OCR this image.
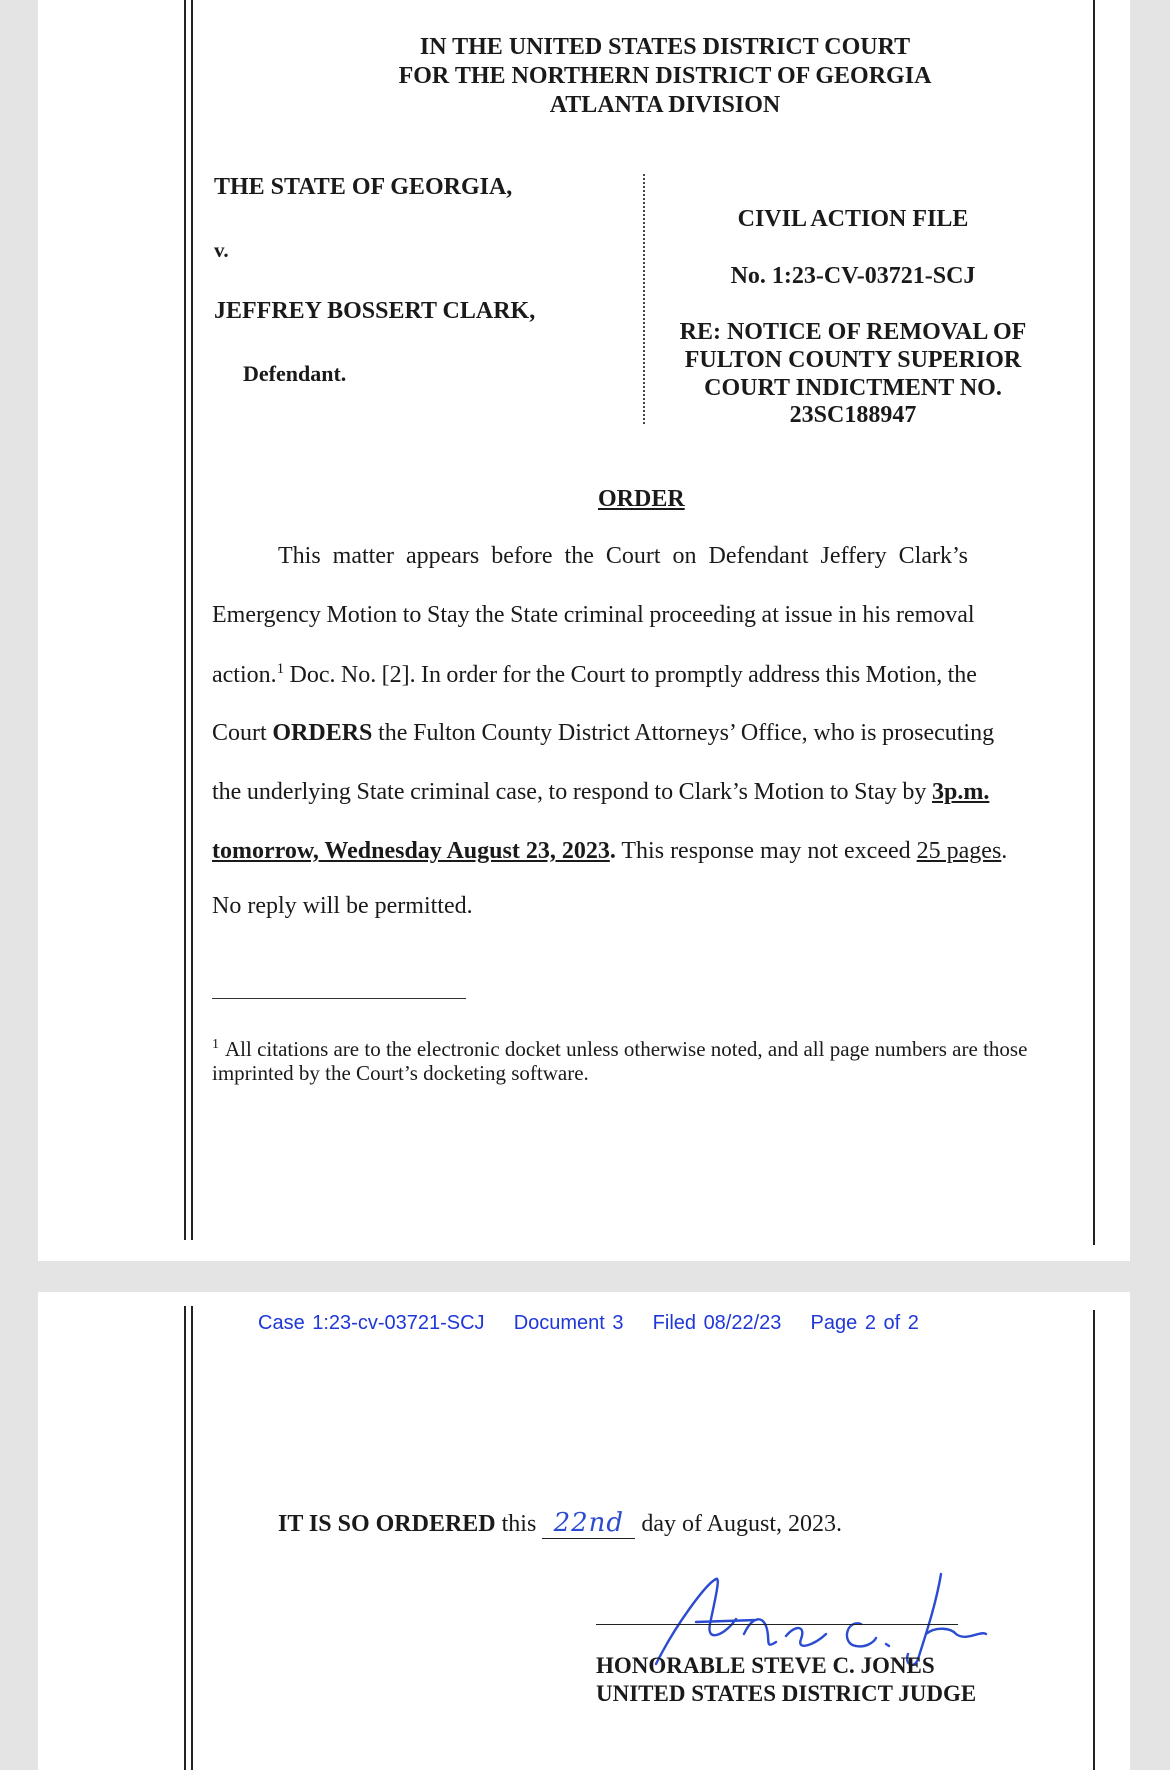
IN THE UNITED STATES DISTRICT COURT
FOR THE NORTHERN DISTRICT OF GEORGIA
ATLANTA DIVISION
THE STATE OF GEORGIA,
v.
JEFFREY BOSSERT CLARK,
Defendant.
CIVIL ACTION FILE
No. 1:23-CV-03721-SCJ
RE: NOTICE OF REMOVAL OF
FULTON COUNTY SUPERIOR
COURT INDICTMENT NO.
23SC188947
ORDER
This matter appears before the Court on Defendant Jeffery Clark’s
Emergency Motion to Stay the State criminal proceeding at issue in his removal
action.$^1$ Doc. No. [2]. In order for the Court to promptly address this Motion, the
Court ORDERS the Fulton County District Attorneys’ Office, who is prosecuting
the underlying State criminal case, to respond to Clark’s Motion to Stay by 3p.m.
tomorrow, Wednesday August 23, 2023. This response may not exceed 25 pages.
No reply will be permitted.
$^1$ All citations are to the electronic docket unless otherwise noted, and all page numbers are those imprinted by the Court’s docketing software.
Case 1:23-cv-03721-SCJ Document 3 Filed 08/22/23 Page 2 of 2
IT IS SO ORDERED this 22nd day of August, 2023.
HONORABLE STEVE C. JONES
UNITED STATES DISTRICT JUDGE
